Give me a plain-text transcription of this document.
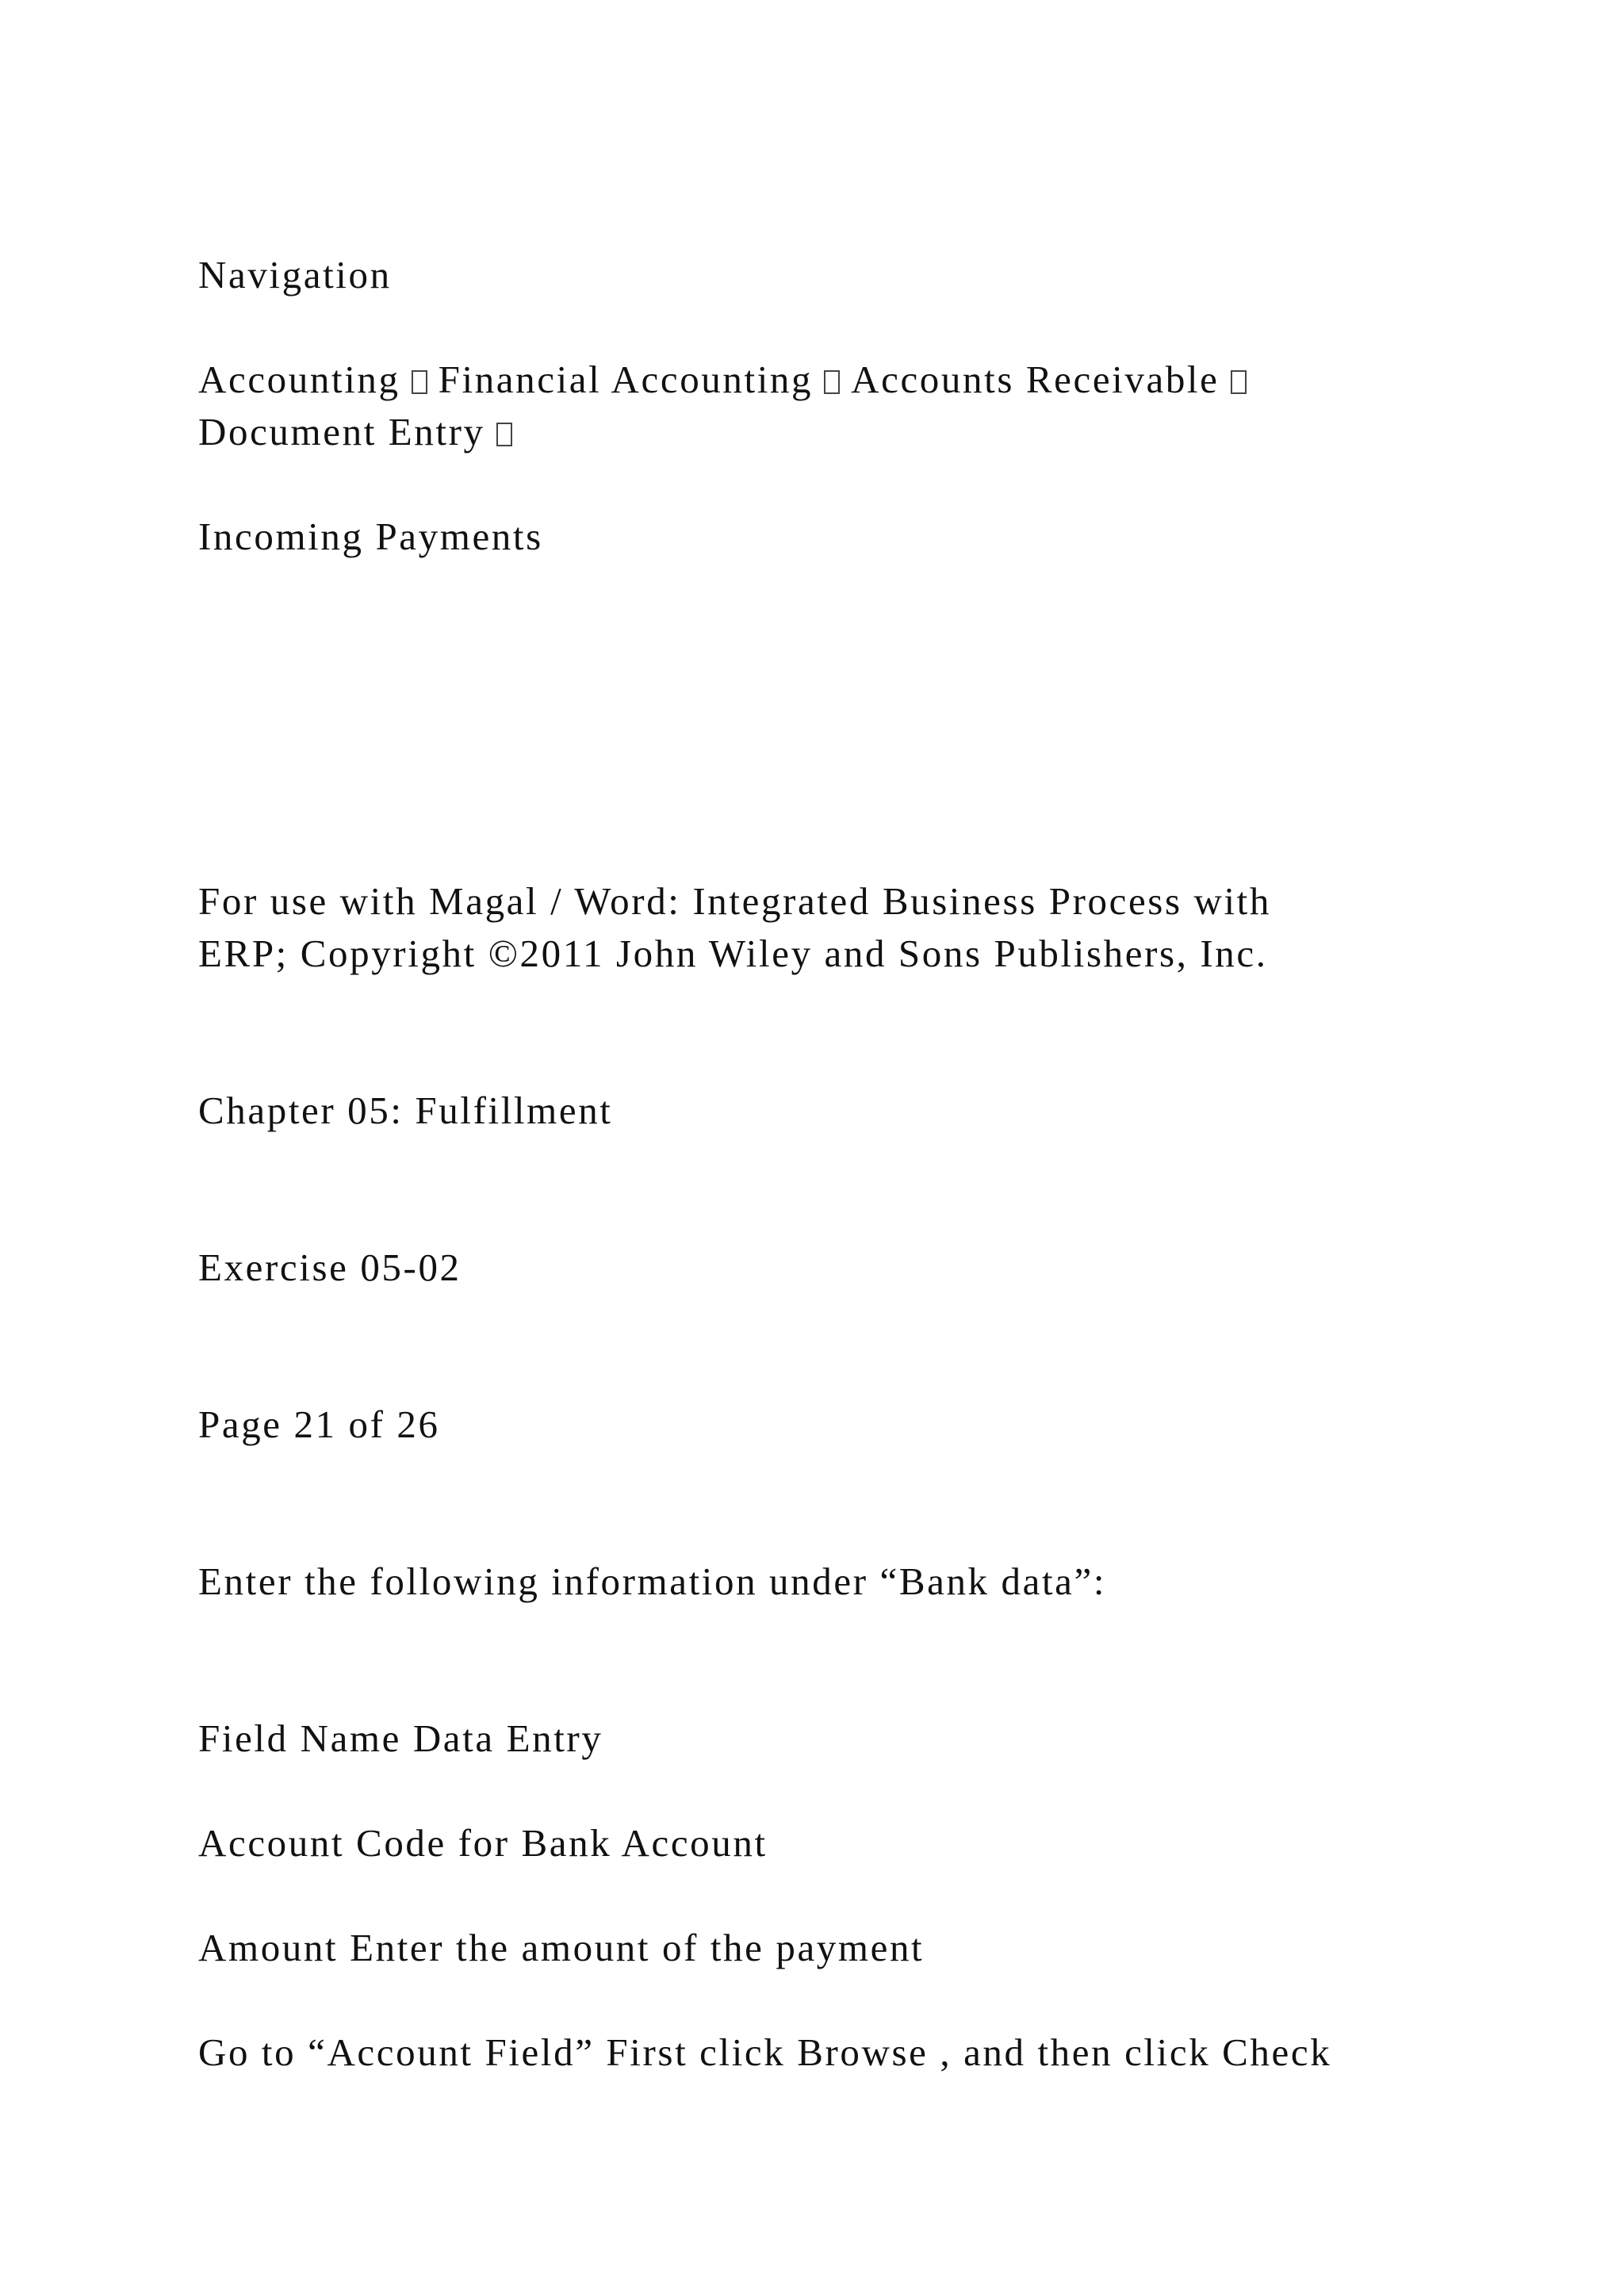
Navigation

Accounting Financial Accounting Accounts Receivable

Document Entry

Incoming Payments

For use with Magal / Word: Integrated Business Process with

ERP; Copyright ©2011 John Wiley and Sons Publishers, Inc.

Chapter 05: Fulfillment

Exercise 05-02

Page 21 of 26

Enter the following information under “Bank data”:

Field Name Data Entry

Account Code for Bank Account

Amount Enter the amount of the payment

Go to “Account Field” First click Browse , and then click Check
